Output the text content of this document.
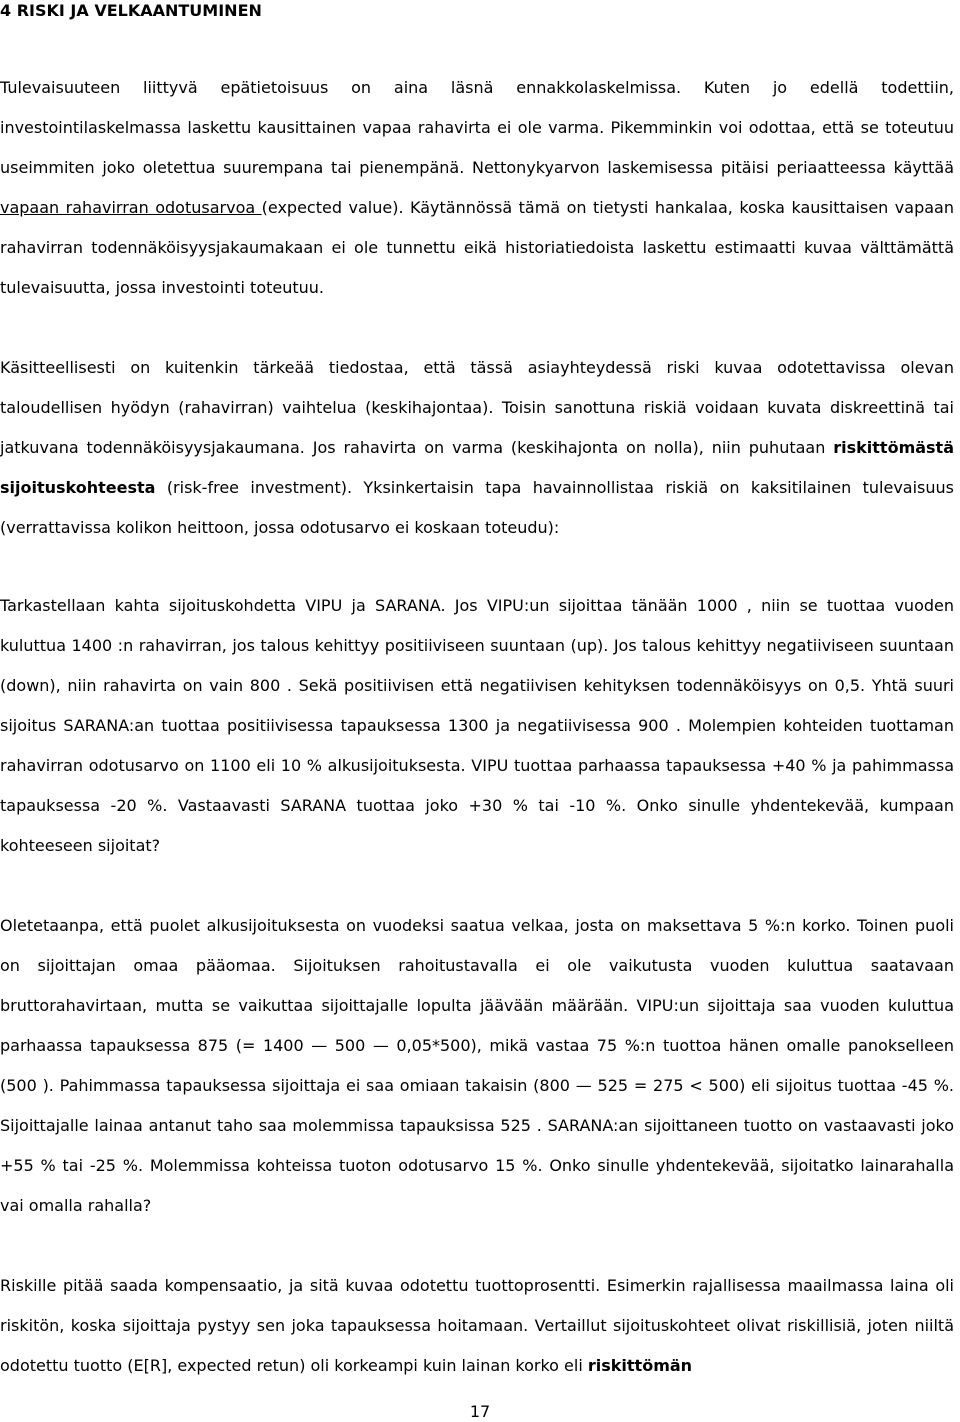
4 RISKI JA VELKAANTUMINEN
Tulevaisuuteen liittyvä epätietoisuus on aina läsnä ennakkolaskelmissa. Kuten jo edellä todettiin, investointilaskelmassa laskettu kausittainen vapaa rahavirta ei ole varma. Pikemminkin voi odottaa, että se toteutuu useimmiten joko oletettua suurempana tai pienempänä. Nettonykyarvon laskemisessa pitäisi periaatteessa käyttää vapaan rahavirran odotusarvoa (expected value). Käytännössä tämä on tietysti hankalaa, koska kausittaisen vapaan rahavirran todennäköisyysjakaumakaan ei ole tunnettu eikä historiatiedoista laskettu estimaatti kuvaa välttämättä tulevaisuutta, jossa investointi toteutuu.
Käsitteellisesti on kuitenkin tärkeää tiedostaa, että tässä asiayhteydessä riski kuvaa odotettavissa olevan taloudellisen hyödyn (rahavirran) vaihtelua (keskihajontaa). Toisin sanottuna riskiä voidaan kuvata diskreettinä tai jatkuvana todennäköisyysjakaumana. Jos rahavirta on varma (keskihajonta on nolla), niin puhutaan riskittömästä sijoituskohteesta (risk-free investment). Yksinkertaisin tapa havainnollistaa riskiä on kaksitilainen tulevaisuus (verrattavissa kolikon heittoon, jossa odotusarvo ei koskaan toteudu):
Tarkastellaan kahta sijoituskohdetta VIPU ja SARANA. Jos VIPU:un sijoittaa tänään 1000 , niin se tuottaa vuoden kuluttua 1400 :n rahavirran, jos talous kehittyy positiiviseen suuntaan (up). Jos talous kehittyy negatiiviseen suuntaan (down), niin rahavirta on vain 800 . Sekä positiivisen että negatiivisen kehityksen todennäköisyys on 0,5. Yhtä suuri sijoitus SARANA:an tuottaa positiivisessa tapauksessa 1300 ja negatiivisessa 900 . Molempien kohteiden tuottaman rahavirran odotusarvo on 1100 eli 10 % alkusijoituksesta. VIPU tuottaa parhaassa tapauksessa +40 % ja pahimmassa tapauksessa -20 %. Vastaavasti SARANA tuottaa joko +30 % tai -10 %. Onko sinulle yhdentekevää, kumpaan kohteeseen sijoitat?
Oletetaanpa, että puolet alkusijoituksesta on vuodeksi saatua velkaa, josta on maksettava 5 %:n korko. Toinen puoli on sijoittajan omaa pääomaa. Sijoituksen rahoitustavalla ei ole vaikutusta vuoden kuluttua saatavaan bruttorahavirtaan, mutta se vaikuttaa sijoittajalle lopulta jäävään määrään. VIPU:un sijoittaja saa vuoden kuluttua parhaassa tapauksessa 875 (= 1400 — 500 — 0,05*500), mikä vastaa 75 %:n tuottoa hänen omalle panokselleen (500 ). Pahimmassa tapauksessa sijoittaja ei saa omiaan takaisin (800 — 525 = 275 < 500) eli sijoitus tuottaa -45 %. Sijoittajalle lainaa antanut taho saa molemmissa tapauksissa 525 . SARANA:an sijoittaneen tuotto on vastaavasti joko +55 % tai -25 %. Molemmissa kohteissa tuoton odotusarvo 15 %. Onko sinulle yhdentekevää, sijoitatko lainarahalla vai omalla rahalla?
Riskille pitää saada kompensaatio, ja sitä kuvaa odotettu tuottoprosentti. Esimerkin rajallisessa maailmassa laina oli riskitön, koska sijoittaja pystyy sen joka tapauksessa hoitamaan. Vertaillut sijoituskohteet olivat riskillisiä, joten niiltä odotettu tuotto (E[R], expected retun) oli korkeampi kuin lainan korko eli riskittömän
17
